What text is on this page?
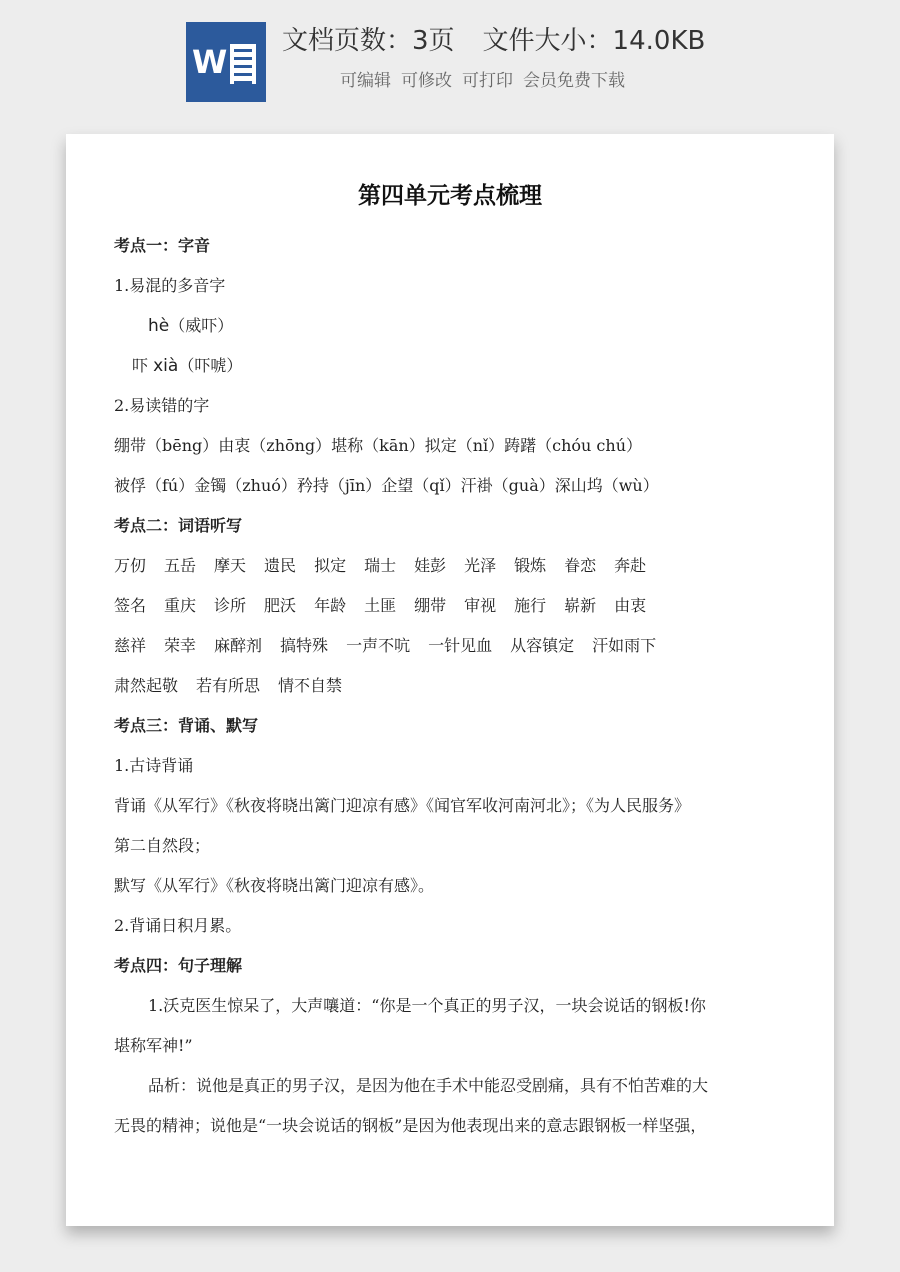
W
文档页数：3页 文件大小：14.0KB
可编辑 可修改 可打印 会员免费下载
第四单元考点梳理
考点一：字音
1.易混的多音字
hè（威吓）
吓 xià（吓唬）
2.易读错的字
绷带（bēng）由衷（zhōng）堪称（kān）拟定（nǐ）踌躇（chóu chú）
被俘（fú）金镯（zhuó）矜持（jīn）企望（qǐ）汗褂（guà）深山坞（wù）
考点二：词语听写
万仞 五岳 摩天 遗民 拟定 瑞士 娃彭 光泽 锻炼 眷恋 奔赴
签名 重庆 诊所 肥沃 年龄 土匪 绷带 审视 施行 崭新 由衷
慈祥 荣幸 麻醉剂 搞特殊 一声不吭 一针见血 从容镇定 汗如雨下
肃然起敬 若有所思 情不自禁
考点三：背诵、默写
1.古诗背诵
背诵《从军行》《秋夜将晓出篱门迎凉有感》《闻官军收河南河北》；《为人民服务》
第二自然段；
默写《从军行》《秋夜将晓出篱门迎凉有感》。
2.背诵日积月累。
考点四：句子理解
1.沃克医生惊呆了，大声嚷道：“你是一个真正的男子汉，一块会说话的钢板!你
堪称军神!”
品析：说他是真正的男子汉，是因为他在手术中能忍受剧痛，具有不怕苦难的大
无畏的精神；说他是“一块会说话的钢板”是因为他表现出来的意志跟钢板一样坚强，
